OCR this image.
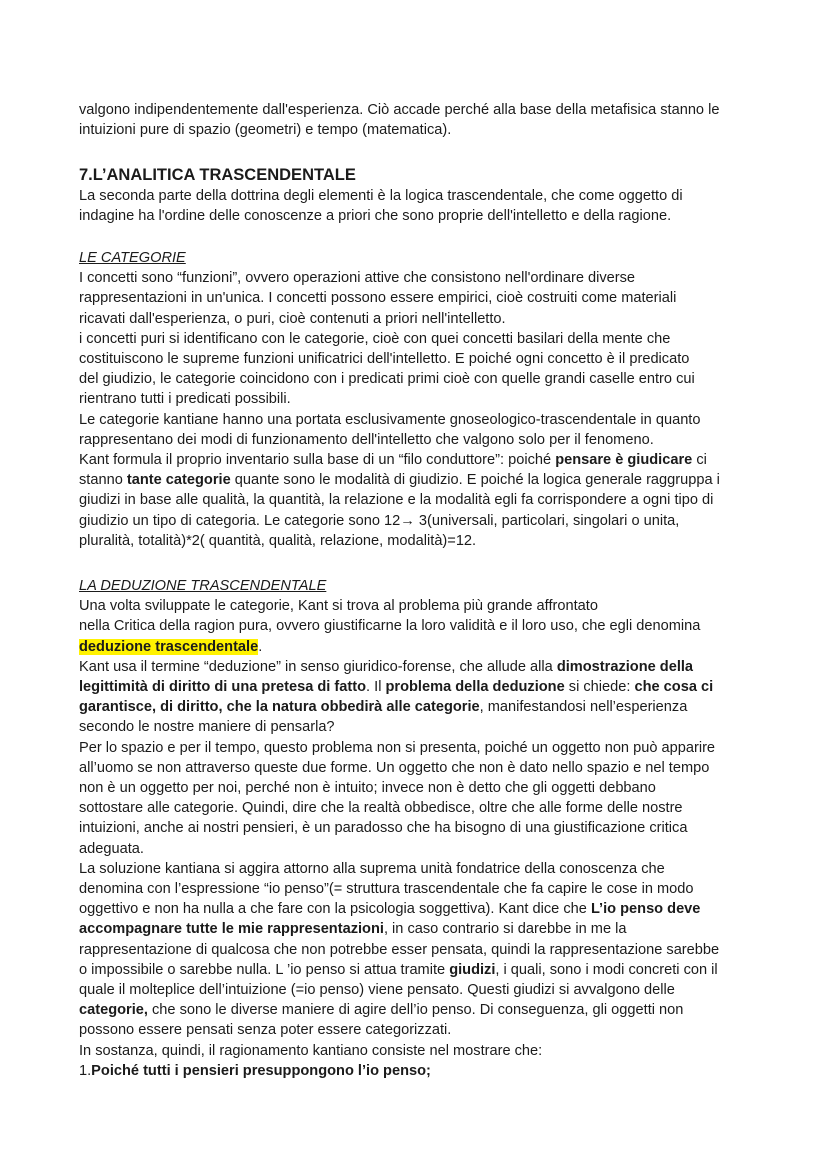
valgono indipendentemente dall'esperienza. Ciò accade perché alla base della metafisica stanno le

intuizioni pure di spazio (geometri) e tempo (matematica).

7.L’ANALITICA TRASCENDENTALE

La seconda parte della dottrina degli elementi è la logica trascendentale, che come oggetto di

indagine ha l'ordine delle conoscenze a priori che sono proprie dell'intelletto e della ragione.

LE CATEGORIE

I concetti sono “funzioni”, ovvero operazioni attive che consistono nell'ordinare diverse

rappresentazioni in un'unica. I concetti possono essere empirici, cioè costruiti come materiali

ricavati dall'esperienza, o puri, cioè contenuti a priori nell'intelletto.

i concetti puri si identificano con le categorie, cioè con quei concetti basilari della mente che

costituiscono le supreme funzioni unificatrici dell'intelletto. E poiché ogni concetto è il predicato

del giudizio, le categorie coincidono con i predicati primi cioè con quelle grandi caselle entro cui

rientrano tutti i predicati possibili.

Le categorie kantiane hanno una portata esclusivamente gnoseologico-trascendentale in quanto

rappresentano dei modi di funzionamento dell'intelletto che valgono solo per il fenomeno.

Kant formula il proprio inventario sulla base di un “filo conduttore”: poiché pensare è giudicare ci

stanno tante categorie quante sono le modalità di giudizio. E poiché la logica generale raggruppa i

giudizi in base alle qualità, la quantità, la relazione e la modalità egli fa corrispondere a ogni tipo di

giudizio un tipo di categoria. Le categorie sono 12→ 3(universali, particolari, singolari o unita,

pluralità, totalità)*2( quantità, qualità, relazione, modalità)=12.

LA DEDUZIONE TRASCENDENTALE

Una volta sviluppate le categorie, Kant si trova al problema più grande affrontato

nella Critica della ragion pura, ovvero giustificarne la loro validità e il loro uso, che egli denomina

deduzione trascendentale.

Kant usa il termine “deduzione” in senso giuridico-forense, che allude alla dimostrazione della

legittimità di diritto di una pretesa di fatto. Il problema della deduzione si chiede: che cosa ci

garantisce, di diritto, che la natura obbedirà alle categorie, manifestandosi nell’esperienza

secondo le nostre maniere di pensarla?

Per lo spazio e per il tempo, questo problema non si presenta, poiché un oggetto non può apparire

all’uomo se non attraverso queste due forme. Un oggetto che non è dato nello spazio e nel tempo

non è un oggetto per noi, perché non è intuito; invece non è detto che gli oggetti debbano

sottostare alle categorie. Quindi, dire che la realtà obbedisce, oltre che alle forme delle nostre

intuizioni, anche ai nostri pensieri, è un paradosso che ha bisogno di una giustificazione critica

adeguata.

La soluzione kantiana si aggira attorno alla suprema unità fondatrice della conoscenza che

denomina con l’espressione “io penso”(= struttura trascendentale che fa capire le cose in modo

oggettivo e non ha nulla a che fare con la psicologia soggettiva). Kant dice che L’io penso deve

accompagnare tutte le mie rappresentazioni, in caso contrario si darebbe in me la

rappresentazione di qualcosa che non potrebbe esser pensata, quindi la rappresentazione sarebbe

o impossibile o sarebbe nulla. L ’io penso si attua tramite giudizi, i quali, sono i modi concreti con il

quale il molteplice dell’intuizione (=io penso) viene pensato. Questi giudizi si avvalgono delle

categorie, che sono le diverse maniere di agire dell’io penso. Di conseguenza, gli oggetti non

possono essere pensati senza poter essere categorizzati.

In sostanza, quindi, il ragionamento kantiano consiste nel mostrare che:

1.Poiché tutti i pensieri presuppongono l’io penso;
